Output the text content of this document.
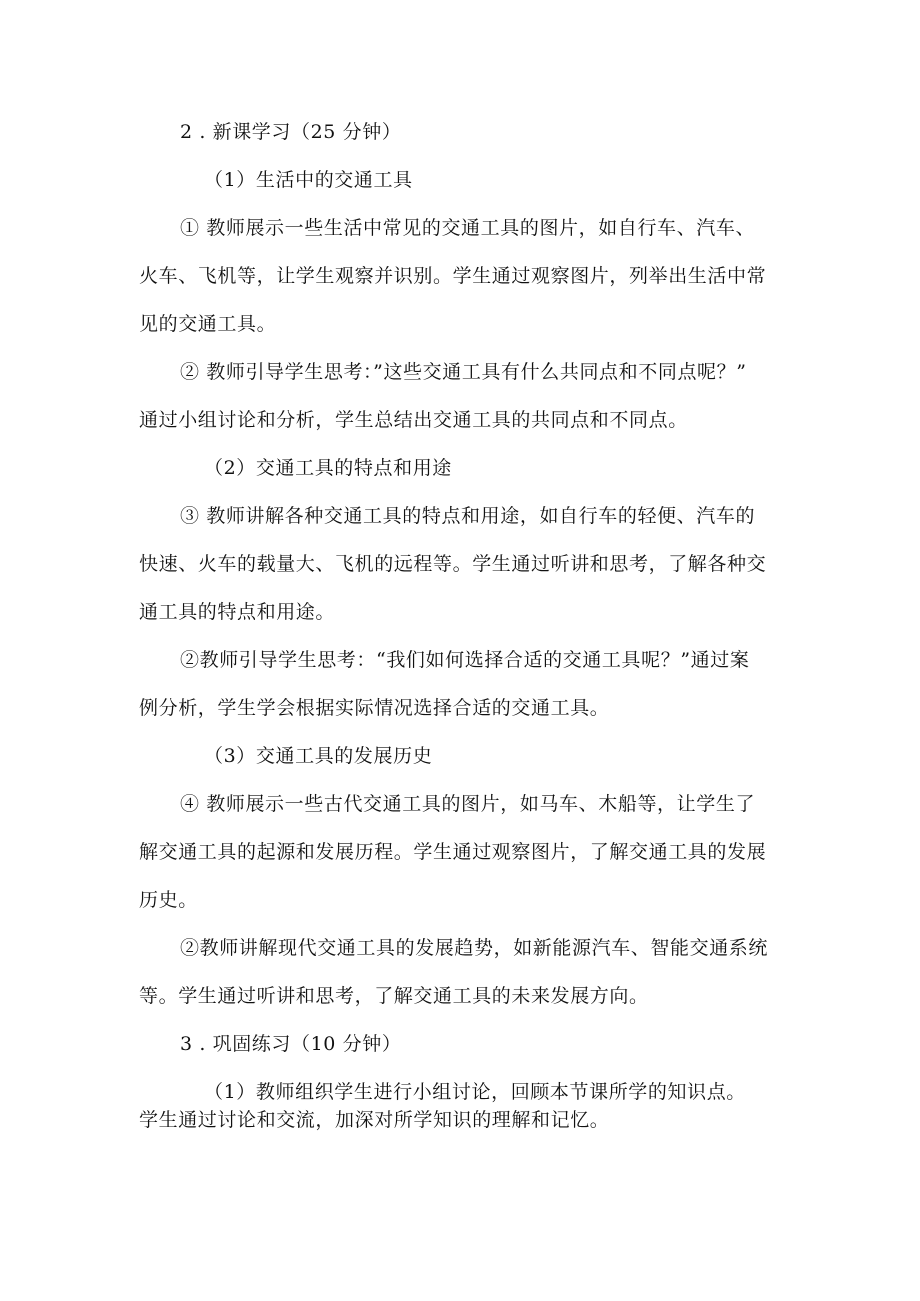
2 . 新课学习（25 分钟）
（1）生活中的交通工具
① 教师展示一些生活中常见的交通工具的图片，如自行车、汽车、
火车、飞机等，让学生观察并识别。学生通过观察图片，列举出生活中常
见的交通工具。
② 教师引导学生思考：”这些交通工具有什么共同点和不同点呢？”
通过小组讨论和分析，学生总结出交通工具的共同点和不同点。
（2）交通工具的特点和用途
③ 教师讲解各种交通工具的特点和用途，如自行车的轻便、汽车的
快速、火车的载量大、飞机的远程等。学生通过听讲和思考，了解各种交
通工具的特点和用途。
②教师引导学生思考：“我们如何选择合适的交通工具呢？”通过案
例分析，学生学会根据实际情况选择合适的交通工具。
（3）交通工具的发展历史
④ 教师展示一些古代交通工具的图片，如马车、木船等，让学生了
解交通工具的起源和发展历程。学生通过观察图片，了解交通工具的发展
历史。
②教师讲解现代交通工具的发展趋势，如新能源汽车、智能交通系统
等。学生通过听讲和思考，了解交通工具的未来发展方向。
3 . 巩固练习（10 分钟）
（1）教师组织学生进行小组讨论，回顾本节课所学的知识点。
学生通过讨论和交流，加深对所学知识的理解和记忆。
